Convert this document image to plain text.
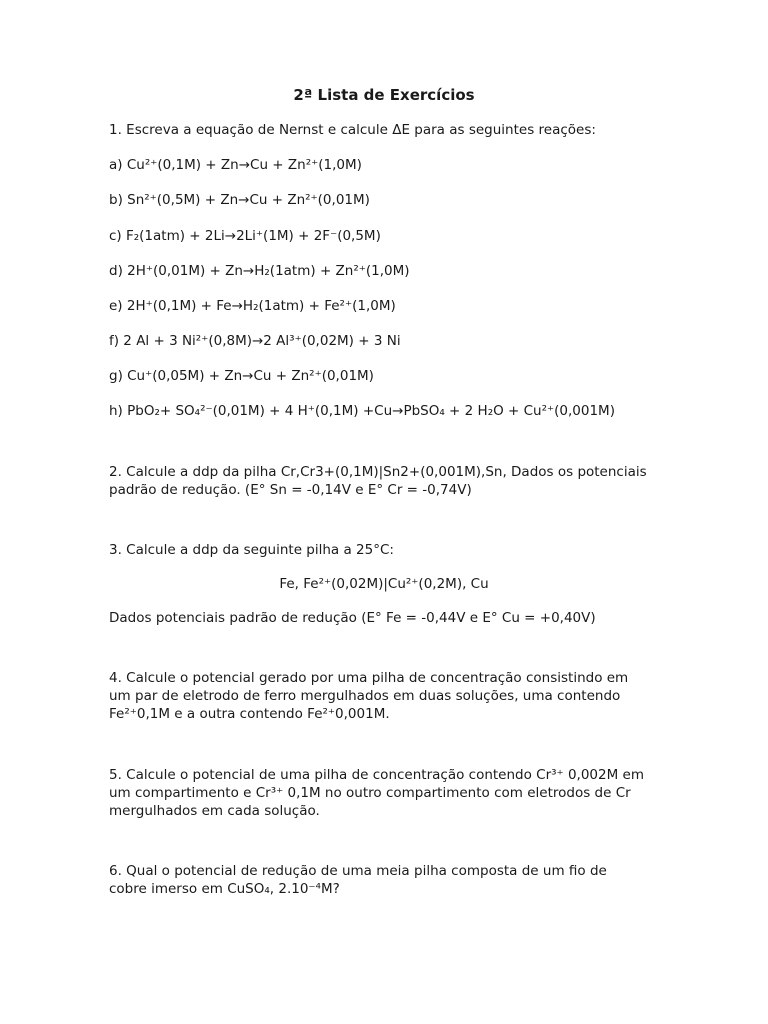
2ª Lista de Exercícios
1. Escreva a equação de Nernst e calcule ΔE para as seguintes reações:
a) Cu²⁺(0,1M) + Zn→Cu + Zn²⁺(1,0M)
b) Sn²⁺(0,5M) + Zn→Cu + Zn²⁺(0,01M)
c) F₂(1atm) + 2Li→2Li⁺(1M) + 2F⁻(0,5M)
d) 2H⁺(0,01M) + Zn→H₂(1atm) + Zn²⁺(1,0M)
e) 2H⁺(0,1M) + Fe→H₂(1atm) + Fe²⁺(1,0M)
f) 2 Al + 3 Ni²⁺(0,8M)→2 Al³⁺(0,02M) + 3 Ni
g) Cu⁺(0,05M) + Zn→Cu + Zn²⁺(0,01M)
h) PbO₂+ SO₄²⁻(0,01M) + 4 H⁺(0,1M) +Cu→PbSO₄ + 2 H₂O + Cu²⁺(0,001M)
2. Calcule a ddp da pilha Cr,Cr3+(0,1M)|Sn2+(0,001M),Sn, Dados os potenciais
padrão de redução. (E° Sn = -0,14V e E° Cr = -0,74V)
3. Calcule a ddp da seguinte pilha a 25°C:
Fe, Fe²⁺(0,02M)|Cu²⁺(0,2M), Cu
Dados potenciais padrão de redução (E° Fe = -0,44V e E° Cu = +0,40V)
4. Calcule o potencial gerado por uma pilha de concentração consistindo em
um par de eletrodo de ferro mergulhados em duas soluções, uma contendo
Fe²⁺0,1M e a outra contendo Fe²⁺0,001M.
5. Calcule o potencial de uma pilha de concentração contendo Cr³⁺ 0,002M em
um compartimento e Cr³⁺ 0,1M no outro compartimento com eletrodos de Cr
mergulhados em cada solução.
6. Qual o potencial de redução de uma meia pilha composta de um fio de
cobre imerso em CuSO₄, 2.10⁻⁴M?
